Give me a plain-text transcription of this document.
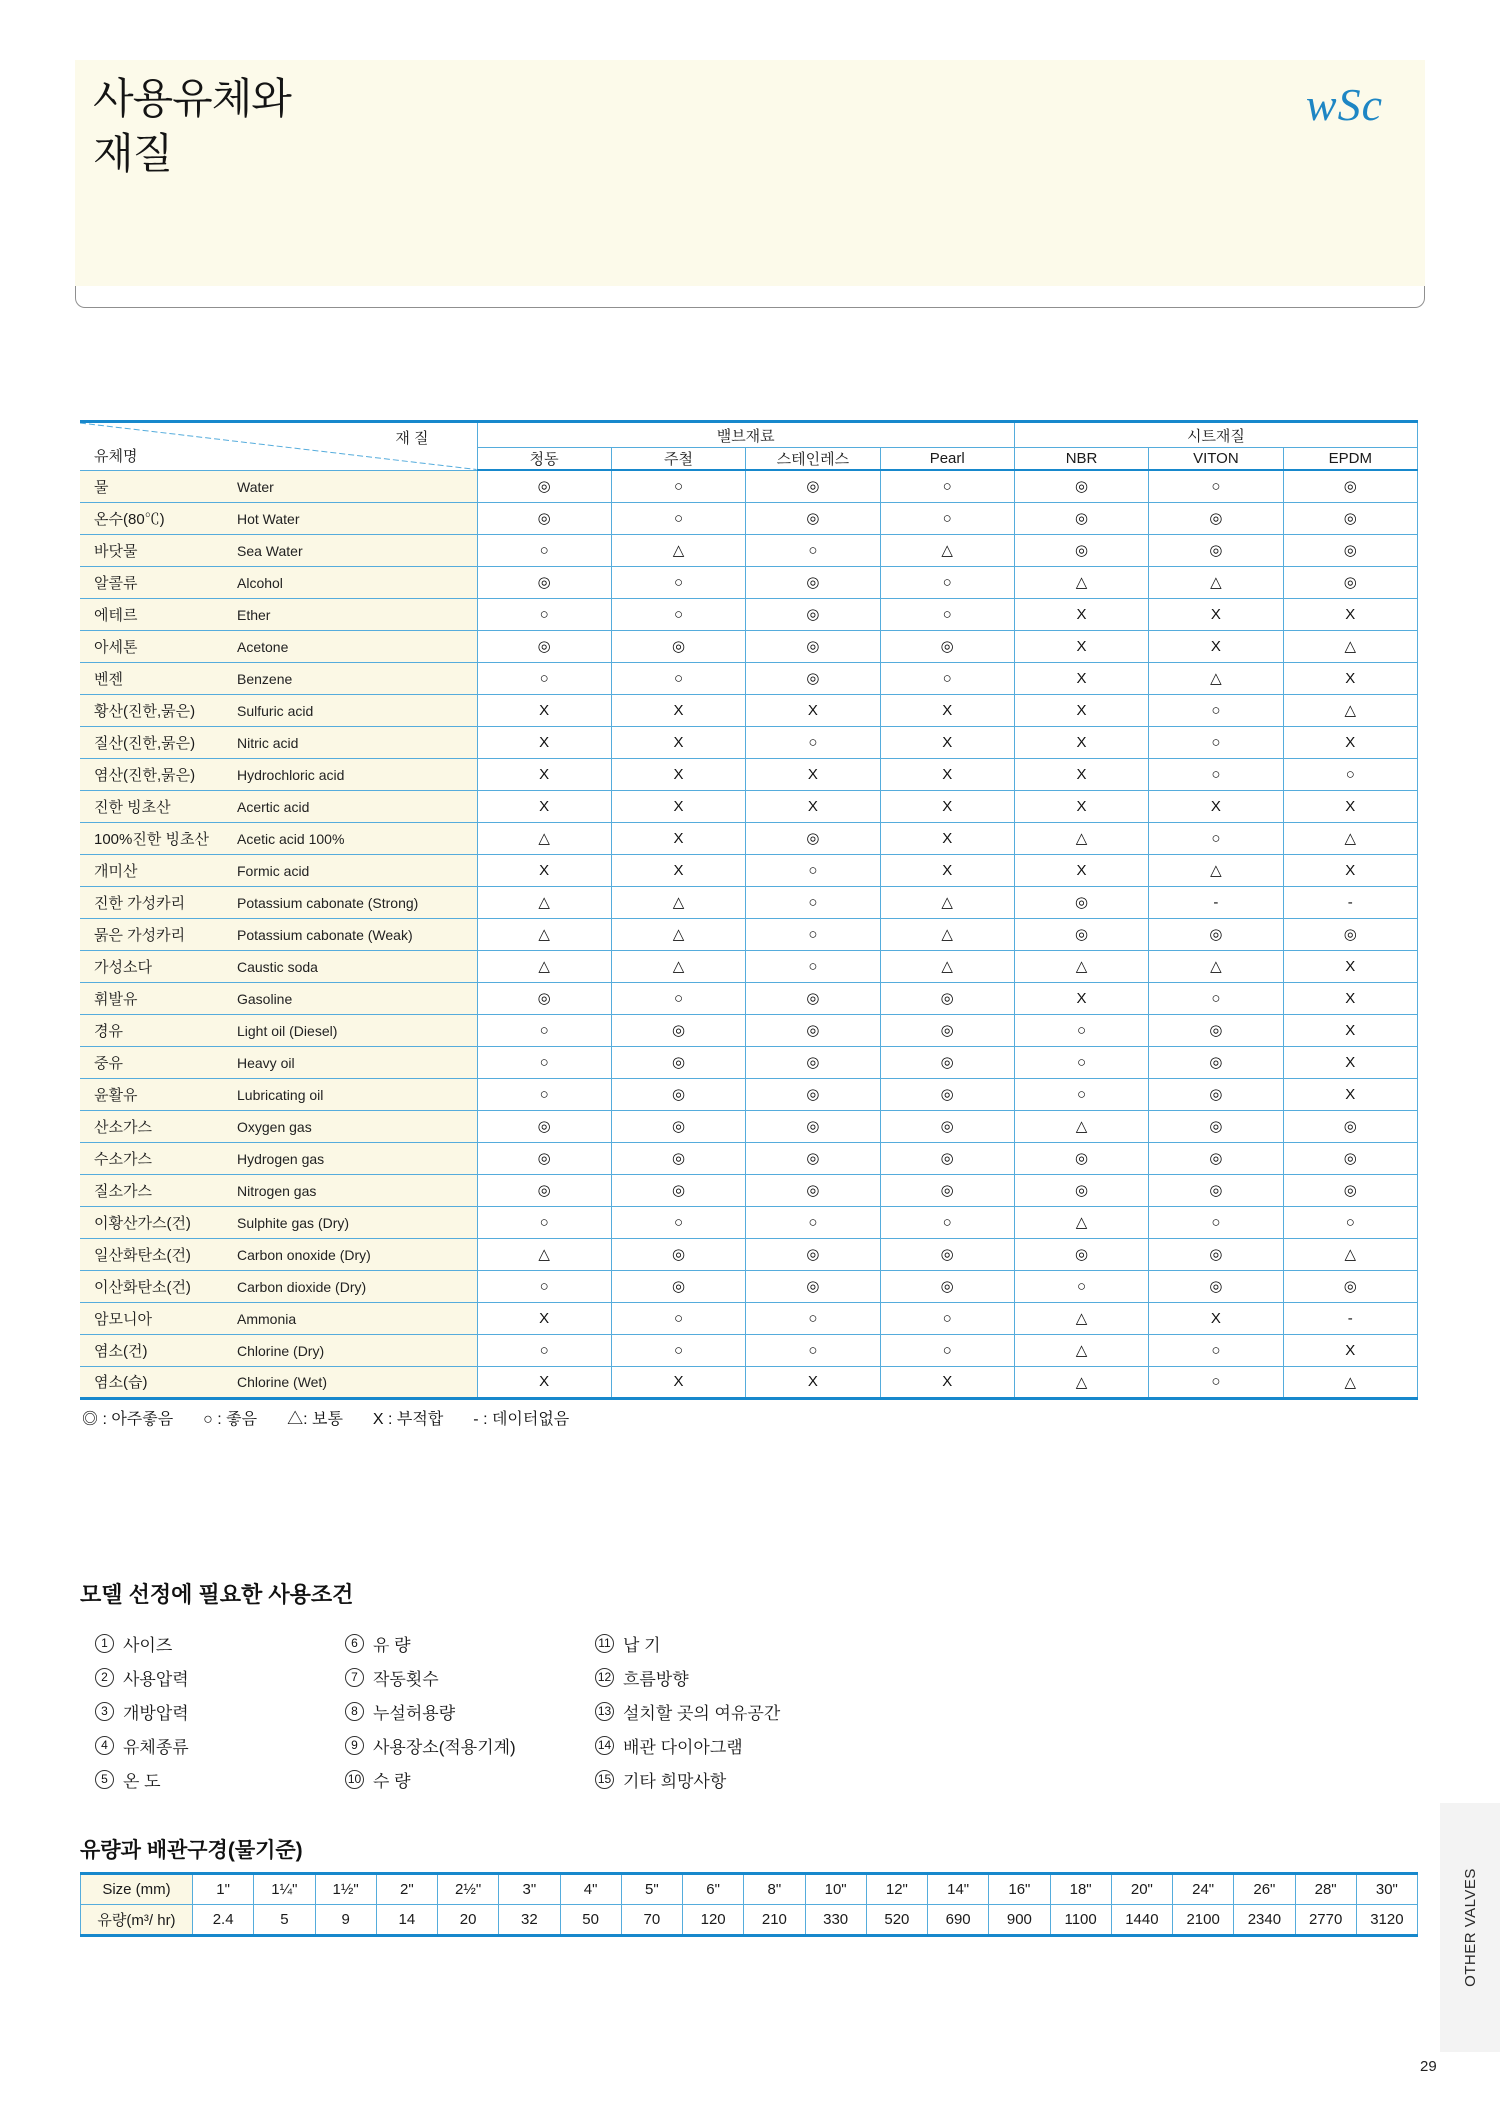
사용유체와
재질
wSc
재 질
유체명	밸브재료				시트재질		
	청동	주철	스테인레스	Pearl	NBR	VITON	EPDM
물 Water	◎	○	◎	○	◎	○	◎
온수(80℃) Hot Water	◎	○	◎	○	◎	◎	◎
바닷물 Sea Water	○	△	○	△	◎	◎	◎
알콜류 Alcohol	◎	○	◎	○	△	△	◎
에테르 Ether	○	○	◎	○	X	X	X
아세톤 Acetone	◎	◎	◎	◎	X	X	△
벤젠 Benzene	○	○	◎	○	X	△	X
황산(진한,묽은) Sulfuric acid	X	X	X	X	X	○	△
질산(진한,묽은) Nitric acid	X	X	○	X	X	○	X
염산(진한,묽은) Hydrochloric acid	X	X	X	X	X	○	○
진한 빙초산 Acertic acid	X	X	X	X	X	X	X
100%진한 빙초산 Acetic acid 100%	△	X	◎	X	△	○	△
개미산 Formic acid	X	X	○	X	X	△	X
진한 가성카리 Potassium cabonate (Strong)	△	△	○	△	◎	-	-
묽은 가성카리 Potassium cabonate (Weak)	△	△	○	△	◎	◎	◎
가성소다 Caustic soda	△	△	○	△	△	△	X
휘발유 Gasoline	◎	○	◎	◎	X	○	X
경유 Light oil (Diesel)	○	◎	◎	◎	○	◎	X
중유 Heavy oil	○	◎	◎	◎	○	◎	X
윤활유 Lubricating oil	○	◎	◎	◎	○	◎	X
산소가스 Oxygen gas	◎	◎	◎	◎	△	◎	◎
수소가스 Hydrogen gas	◎	◎	◎	◎	◎	◎	◎
질소가스 Nitrogen gas	◎	◎	◎	◎	◎	◎	◎
이황산가스(건) Sulphite gas (Dry)	○	○	○	○	△	○	○
일산화탄소(건) Carbon onoxide (Dry)	△	◎	◎	◎	◎	◎	△
이산화탄소(건) Carbon dioxide (Dry)	○	◎	◎	◎	○	◎	◎
암모니아 Ammonia	X	○	○	○	△	X	-
염소(건) Chlorine (Dry)	○	○	○	○	△	○	X
염소(습) Chlorine (Wet)	X	X	X	X	△	○	△
◎ : 아주좋음 ○ : 좋음 △: 보통 X : 부적합 - : 데이터없음
모델 선정에 필요한 사용조건
1 사이즈
2 사용압력
3 개방압력
4 유체종류
5 온 도
6 유 량
7 작동횟수
8 누설허용량
9 사용장소(적용기계)
10 수 량
11 납 기
12 흐름방향
13 설치할 곳의 여유공간
14 배관 다이아그램
15 기타 희망사항
유량과 배관구경(물기준)
Size (mm)	1"	1¼"	1½"	2"	2½"	3"	4"	5"	6"	8"	10"	12"	14"	16"	18"	20"	24"	26"	28"	30"
유량(m³/ hr)	2.4	5	9	14	20	32	50	70	120	210	330	520	690	900	1100	1440	2100	2340	2770	3120	OTHER VALVES
29
